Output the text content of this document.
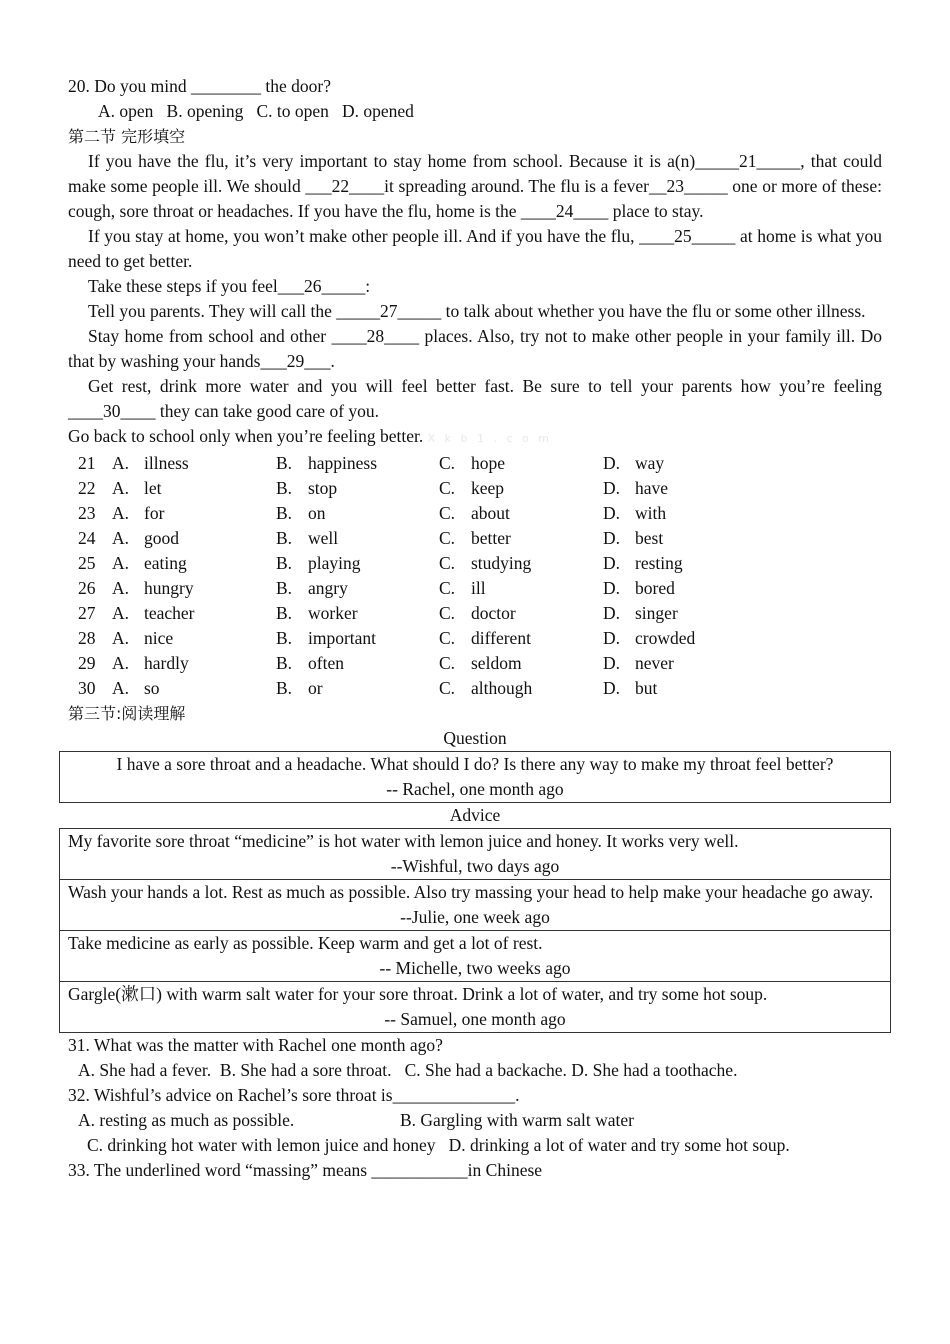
20. Do you mind ________ the door?
A. open   B. opening   C. to open   D. opened
第二节 完形填空
If you have the flu, it’s very important to stay home from school. Because it is a(n)_____21_____, that could make some people ill. We should ___22____it spreading around. The flu is a fever__23_____ one or more of these: cough, sore throat or headaches. If you have the flu, home is the ____24____ place to stay.
If you stay at home, you won’t make other people ill. And if you have the flu, ____25_____ at home is what you need to get better.
Take these steps if you feel___26_____:
Tell you parents. They will call the _____27_____ to talk about whether you have the flu or some other illness.
Stay home from school and other ____28____ places. Also, try not to make other people in your family ill. Do that by washing your hands___29___.
Get rest, drink more water and you will feel better fast. Be sure to tell your parents how you’re feeling ____30____ they can take good care of you.
Go back to school only when you’re feeling better. X k b 1 . c o m
21	A.	illness	B.	happiness	C.	hope	D.	way
22	A.	let	B.	stop	C.	keep	D.	have
23	A.	for	B.	on	C.	about	D.	with
24	A.	good	B.	well	C.	better	D.	best
25	A.	eating	B.	playing	C.	studying	D.	resting
26	A.	hungry	B.	angry	C.	ill	D.	bored
27	A.	teacher	B.	worker	C.	doctor	D.	singer
28	A.	nice	B.	important	C.	different	D.	crowded
29	A.	hardly	B.	often	C.	seldom	D.	never
30	A.	so	B.	or	C.	although	D.	but
第三节:阅读理解
Question
I have a sore throat and a headache. What should I do? Is there any way to make my throat feel better?
-- Rachel, one month ago
Advice
My favorite sore throat “medicine” is hot water with lemon juice and honey. It works very well.
--Wishful, two days ago
Wash your hands a lot. Rest as much as possible. Also try massing your head to help make your headache go away.
--Julie, one week ago
Take medicine as early as possible. Keep warm and get a lot of rest.
-- Michelle, two weeks ago
Gargle(漱口) with warm salt water for your sore throat. Drink a lot of water, and try some hot soup.
-- Samuel, one month ago
31. What was the matter with Rachel one month ago?
A. She had a fever.  B. She had a sore throat.   C. She had a backache. D. She had a toothache.
32. Wishful’s advice on Rachel’s sore throat is______________.
A. resting as much as possible.	B. Gargling with warm salt water
C. drinking hot water with lemon juice and honey   D. drinking a lot of water and try some hot soup.
33. The underlined word “massing” means ___________in Chinese
